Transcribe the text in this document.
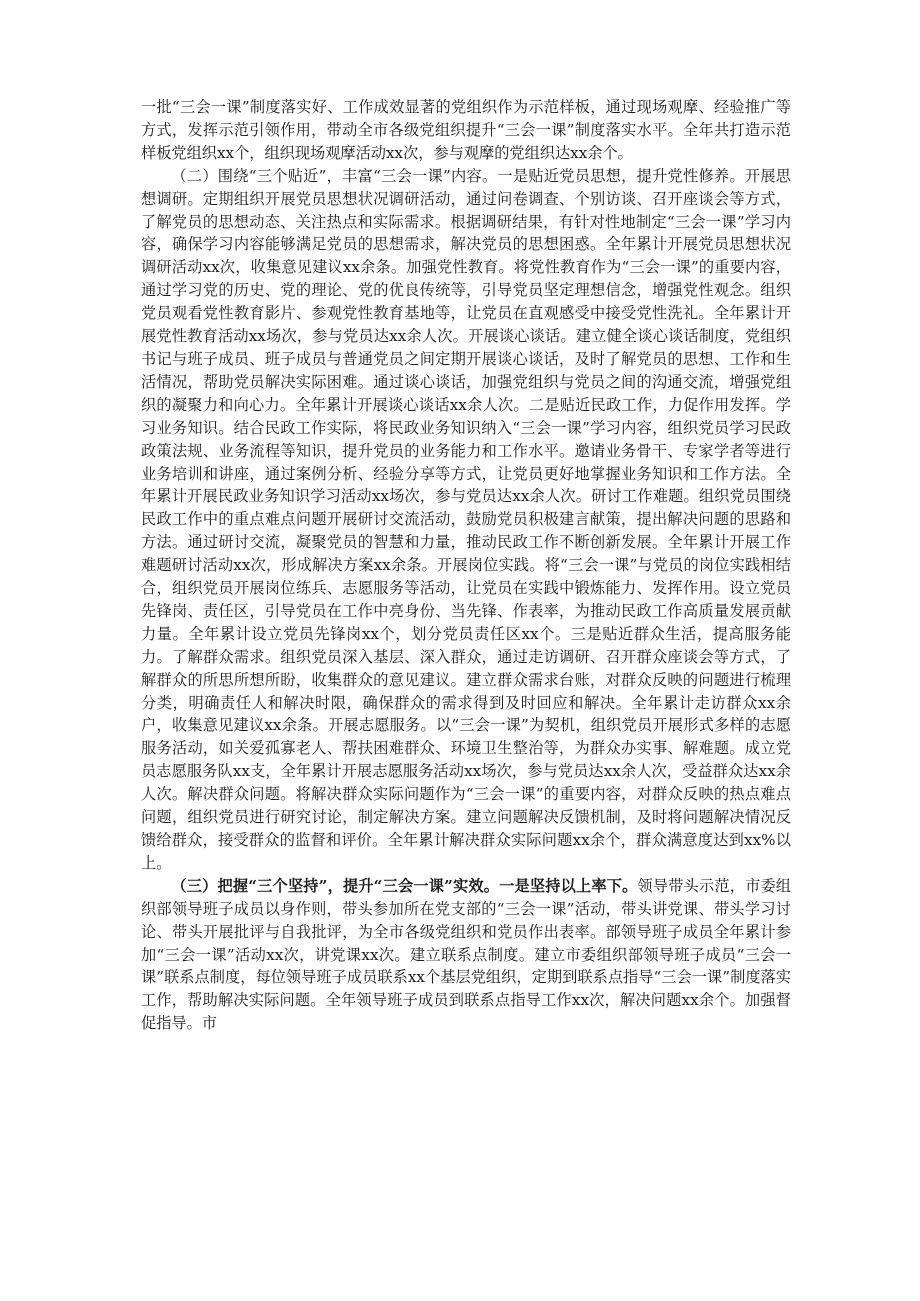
一批“三会一课”制度落实好、工作成效显著的党组织作为示范样板，通过现场观摩、经验推广等方式，发挥示范引领作用，带动全市各级党组织提升“三会一课”制度落实水平。全年共打造示范样板党组织xx个，组织现场观摩活动xx次，参与观摩的党组织达xx余个。

（二）围绕“三个贴近”，丰富“三会一课”内容。一是贴近党员思想，提升党性修养。开展思想调研。定期组织开展党员思想状况调研活动，通过问卷调查、个别访谈、召开座谈会等方式，了解党员的思想动态、关注热点和实际需求。根据调研结果，有针对性地制定“三会一课”学习内容，确保学习内容能够满足党员的思想需求，解决党员的思想困惑。全年累计开展党员思想状况调研活动xx次，收集意见建议xx余条。加强党性教育。将党性教育作为“三会一课”的重要内容，通过学习党的历史、党的理论、党的优良传统等，引导党员坚定理想信念，增强党性观念。组织党员观看党性教育影片、参观党性教育基地等，让党员在直观感受中接受党性洗礼。全年累计开展党性教育活动xx场次，参与党员达xx余人次。开展谈心谈话。建立健全谈心谈话制度，党组织书记与班子成员、班子成员与普通党员之间定期开展谈心谈话，及时了解党员的思想、工作和生活情况，帮助党员解决实际困难。通过谈心谈话，加强党组织与党员之间的沟通交流，增强党组织的凝聚力和向心力。全年累计开展谈心谈话xx余人次。二是贴近民政工作，力促作用发挥。学习业务知识。结合民政工作实际，将民政业务知识纳入“三会一课”学习内容，组织党员学习民政政策法规、业务流程等知识，提升党员的业务能力和工作水平。邀请业务骨干、专家学者等进行业务培训和讲座，通过案例分析、经验分享等方式，让党员更好地掌握业务知识和工作方法。全年累计开展民政业务知识学习活动xx场次，参与党员达xx余人次。研讨工作难题。组织党员围绕民政工作中的重点难点问题开展研讨交流活动，鼓励党员积极建言献策，提出解决问题的思路和方法。通过研讨交流，凝聚党员的智慧和力量，推动民政工作不断创新发展。全年累计开展工作难题研讨活动xx次，形成解决方案xx余条。开展岗位实践。将“三会一课”与党员的岗位实践相结合，组织党员开展岗位练兵、志愿服务等活动，让党员在实践中锻炼能力、发挥作用。设立党员先锋岗、责任区，引导党员在工作中亮身份、当先锋、作表率，为推动民政工作高质量发展贡献力量。全年累计设立党员先锋岗xx个，划分党员责任区xx个。三是贴近群众生活，提高服务能力。了解群众需求。组织党员深入基层、深入群众，通过走访调研、召开群众座谈会等方式，了解群众的所思所想所盼，收集群众的意见建议。建立群众需求台账，对群众反映的问题进行梳理分类，明确责任人和解决时限，确保群众的需求得到及时回应和解决。全年累计走访群众xx余户，收集意见建议xx余条。开展志愿服务。以“三会一课”为契机，组织党员开展形式多样的志愿服务活动，如关爱孤寡老人、帮扶困难群众、环境卫生整治等，为群众办实事、解难题。成立党员志愿服务队xx支，全年累计开展志愿服务活动xx场次，参与党员达xx余人次，受益群众达xx余人次。解决群众问题。将解决群众实际问题作为“三会一课”的重要内容，对群众反映的热点难点问题，组织党员进行研究讨论，制定解决方案。建立问题解决反馈机制，及时将问题解决情况反馈给群众，接受群众的监督和评价。全年累计解决群众实际问题xx余个，群众满意度达到xx%以上。

（三）把握“三个坚持”，提升“三会一课”实效。一是坚持以上率下。领导带头示范，市委组织部领导班子成员以身作则，带头参加所在党支部的“三会一课”活动，带头讲党课、带头学习讨论、带头开展批评与自我批评，为全市各级党组织和党员作出表率。部领导班子成员全年累计参加“三会一课”活动xx次，讲党课xx次。建立联系点制度。建立市委组织部领导班子成员“三会一课”联系点制度，每位领导班子成员联系xx个基层党组织，定期到联系点指导“三会一课”制度落实工作，帮助解决实际问题。全年领导班子成员到联系点指导工作xx次，解决问题xx余个。加强督促指导。市
